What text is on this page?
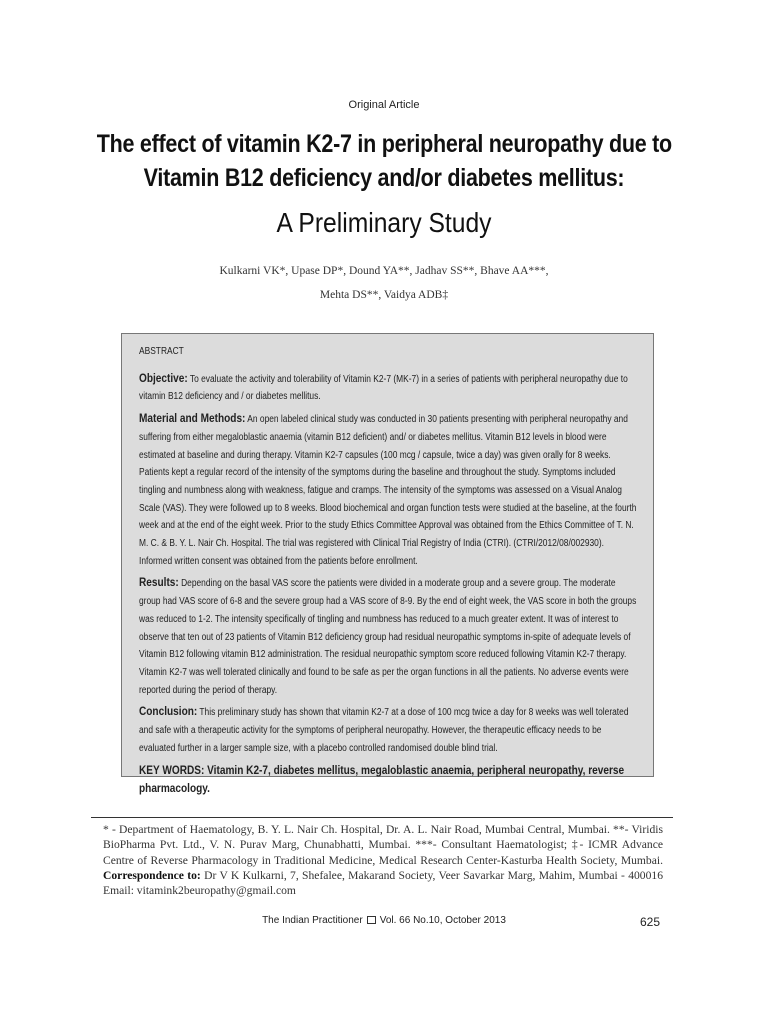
Original Article
The effect of vitamin K2-7 in peripheral neuropathy due to
Vitamin B12 deficiency and/or diabetes mellitus:
A Preliminary Study
Kulkarni VK*, Upase DP*, Dound YA**, Jadhav SS**, Bhave AA***,
Mehta DS**, Vaidya ADB‡
ABSTRACT

Objective: To evaluate the activity and tolerability of Vitamin K2-7 (MK-7) in a series of patients with peripheral neuropathy due to vitamin B12 deficiency and / or diabetes mellitus.

Material and Methods: An open labeled clinical study was conducted in 30 patients presenting with peripheral neuropathy and suffering from either megaloblastic anaemia (vitamin B12 deficient) and/ or diabetes mellitus. Vitamin B12 levels in blood were estimated at baseline and during therapy. Vitamin K2-7 capsules (100 mcg / capsule, twice a day) was given orally for 8 weeks. Patients kept a regular record of the intensity of the symptoms during the baseline and throughout the study. Symptoms included tingling and numbness along with weakness, fatigue and cramps. The intensity of the symptoms was assessed on a Visual Analog Scale (VAS). They were followed up to 8 weeks. Blood biochemical and organ function tests were studied at the baseline, at the fourth week and at the end of the eight week. Prior to the study Ethics Committee Approval was obtained from the Ethics Committee of T. N. M. C. & B. Y. L. Nair Ch. Hospital. The trial was registered with Clinical Trial Registry of India (CTRI). (CTRI/2012/08/002930). Informed written consent was obtained from the patients before enrollment.

Results: Depending on the basal VAS score the patients were divided in a moderate group and a severe group. The moderate group had VAS score of 6-8 and the severe group had a VAS score of 8-9. By the end of eight week, the VAS score in both the groups was reduced to 1-2. The intensity specifically of tingling and numbness has reduced to a much greater extent. It was of interest to observe that ten out of 23 patients of Vitamin B12 deficiency group had residual neuropathic symptoms in-spite of adequate levels of Vitamin B12 following vitamin B12 administration. The residual neuropathic symptom score reduced following Vitamin K2-7 therapy. Vitamin K2-7 was well tolerated clinically and found to be safe as per the organ functions in all the patients. No adverse events were reported during the period of therapy.

Conclusion: This preliminary study has shown that vitamin K2-7 at a dose of 100 mcg twice a day for 8 weeks was well tolerated and safe with a therapeutic activity for the symptoms of peripheral neuropathy. However, the therapeutic efficacy needs to be evaluated further in a larger sample size, with a placebo controlled randomised double blind trial.

KEY WORDS: Vitamin K2-7, diabetes mellitus, megaloblastic anaemia, peripheral neuropathy, reverse pharmacology.
* - Department of Haematology, B. Y. L. Nair Ch. Hospital, Dr. A. L. Nair Road, Mumbai Central, Mumbai. **- Viridis BioPharma Pvt. Ltd., V. N. Purav Marg, Chunabhatti, Mumbai. ***- Consultant Haematologist; ‡- ICMR Advance Centre of Reverse Pharmacology in Traditional Medicine, Medical Research Center-Kasturba Health Society, Mumbai. Correspondence to: Dr V K Kulkarni, 7, Shefalee, Makarand Society, Veer Savarkar Marg, Mahim, Mumbai - 400016 Email: vitamink2beuropathy@gmail.com
The Indian Practitioner Vol. 66 No.10, October 2013	625
